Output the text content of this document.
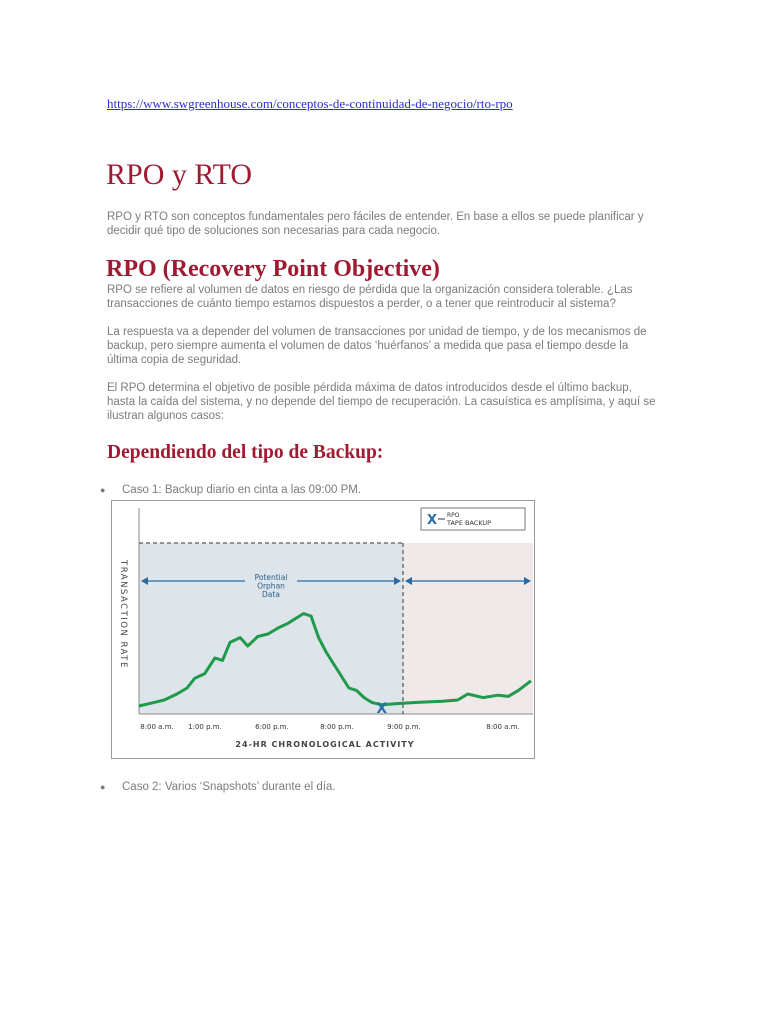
https://www.swgreenhouse.com/conceptos-de-continuidad-de-negocio/rto-rpo
RPO y RTO

RPO y RTO son conceptos fundamentales pero fáciles de entender. En base a ellos se puede planificar y decidir qué tipo de soluciones son necesarias para cada negocio.

RPO (Recovery Point Objective)

RPO se refiere al volumen de datos en riesgo de pérdida que la organización considera tolerable. ¿Las transacciones de cuánto tiempo estamos dispuestos a perder, o a tener que reintroducir al sistema?

La respuesta va a depender del volumen de transacciones por unidad de tiempo, y de los mecanismos de backup, pero siempre aumenta el volumen de datos ‘huérfanos’ a medida que pasa el tiempo desde la última copia de seguridad.

El RPO determina el objetivo de posible pérdida máxima de datos introducidos desde el último backup, hasta la caída del sistema, y no depende del tiempo de recuperación. La casuística es amplísima, y aquí se ilustran algunos casos:

Dependiendo del tipo de Backup:
● Caso 1: Backup diario en cinta a las 09:00 PM.
Potential Orphan Data
X RPO
TAPE BACKUP
TRANSACTION RATE
X
8:00 a.m. 1:00 p.m.	6:00 p.m.	8:00 p.m.	9:00 p.m.	8:00 a.m.
24-HR CHRONOLOGICAL ACTIVITY
● Caso 2: Varios ‘Snapshots’ durante el día.
